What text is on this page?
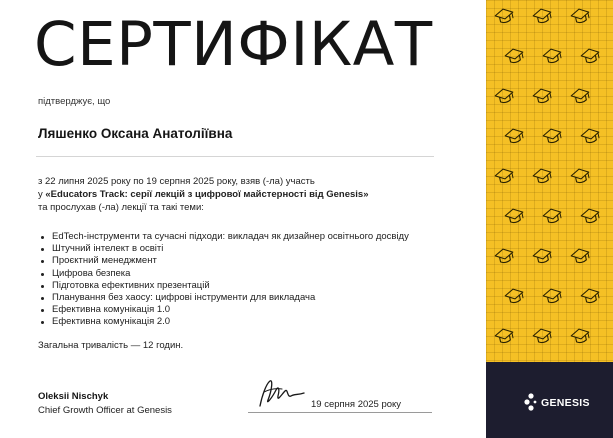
СЕРТИФІКАТ
підтверджує, що
Ляшенко Оксана Анатоліївна
з 22 липня 2025 року по 19 серпня 2025 року, взяв (-ла) участь
у «Educators Track: серії лекцій з цифрової майстерності від Genesis»
та прослухав (-ла) лекції та такі теми:
EdTech-інструменти та сучасні підходи: викладач як дизайнер освітнього досвіду
Штучний інтелект в освіті
Проєктний менеджмент
Цифрова безпека
Підготовка ефективних презентацій
Планування без хаосу: цифрові інструменти для викладача
Ефективна комунікація 1.0
Ефективна комунікація 2.0
Загальна тривалість — 12 годин.
Oleksii Nischyk
Chief Growth Officer at Genesis
19 серпня 2025 року	GENESIS
